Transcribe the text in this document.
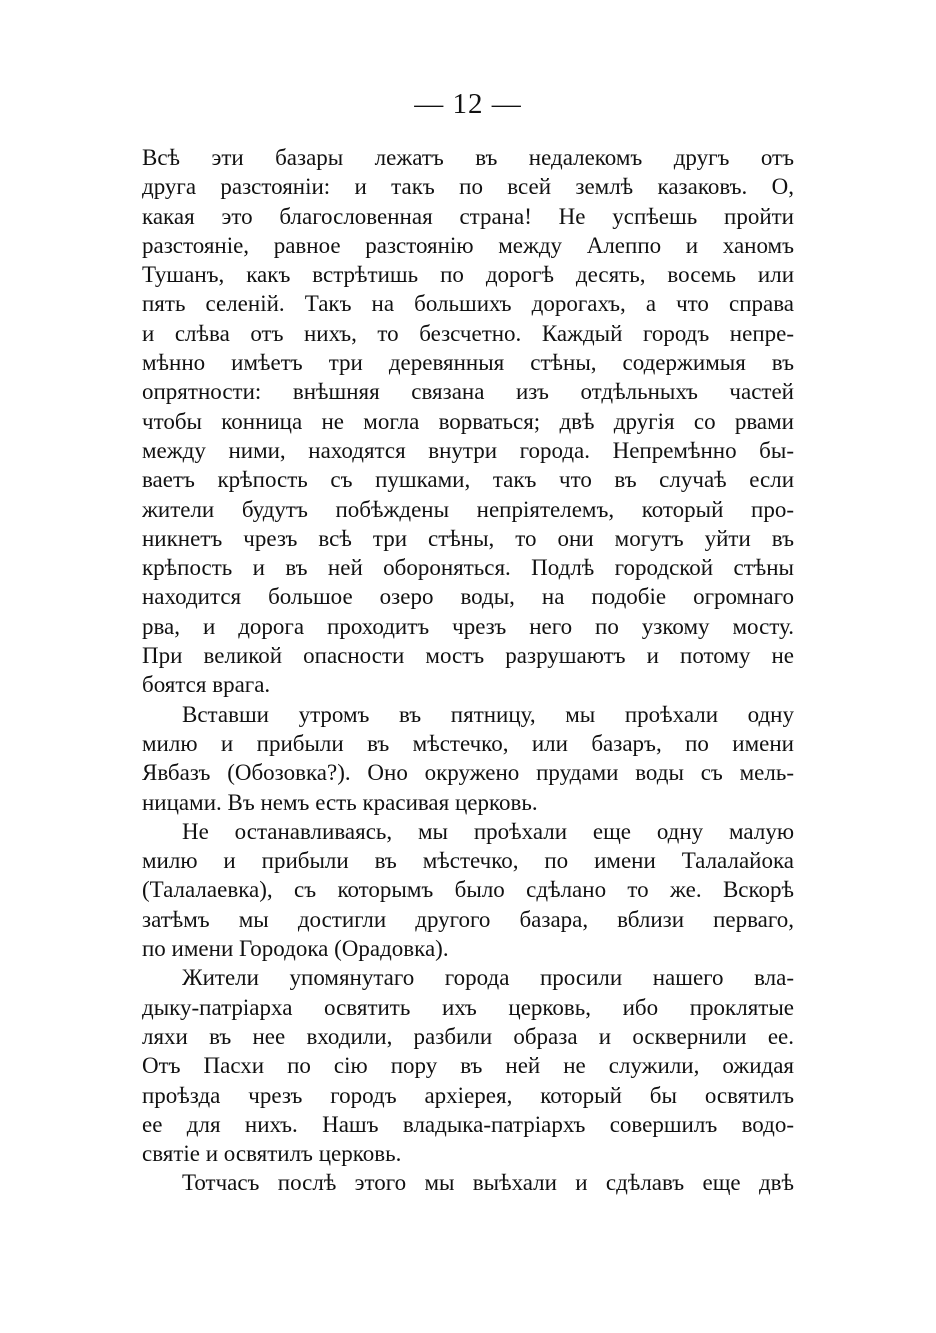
— 12 —
Всѣ эти базары лежатъ въ недалекомъ другъ отъ
друга разстояніи: и такъ по всей землѣ казаковъ. О,
какая это благословенная страна! Не успѣешь пройти
разстояніе, равное разстоянію между Алеппо и ханомъ
Тушанъ, какъ встрѣтишь по дорогѣ десять, восемь или
пять селеній. Такъ на большихъ дорогахъ, а что справа
и слѣва отъ нихъ, то безсчетно. Каждый городъ непре-
мѣнно имѣетъ три деревянныя стѣны, содержимыя въ
опрятности: внѣшняя связана изъ отдѣльныхъ частей
чтобы конница не могла ворваться; двѣ другія со рвами
между ними, находятся внутри города. Непремѣнно бы-
ваетъ крѣпость съ пушками, такъ что въ случаѣ если
жители будутъ побѣждены непріятелемъ, который про-
никнетъ чрезъ всѣ три стѣны, то они могутъ уйти въ
крѣпость и въ ней обороняться. Подлѣ городской стѣны
находится большое озеро воды, на подобіе огромнаго
рва, и дорога проходитъ чрезъ него по узкому мосту.
При великой опасности мостъ разрушаютъ и потому не
боятся врага.
Вставши утромъ въ пятницу, мы проѣхали одну
милю и прибыли въ мѣстечко, или базаръ, по имени
Явбазъ (Обозовка?). Оно окружено прудами воды съ мель-
ницами. Въ немъ есть красивая церковь.
Не останавливаясь, мы проѣхали еще одну малую
милю и прибыли въ мѣстечко, по имени Талалайока
(Талалаевка), съ которымъ было сдѣлано то же. Вскорѣ
затѣмъ мы достигли другого базара, вблизи перваго,
по имени Городока (Орадовка).
Жители упомянутаго города просили нашего вла-
дыку-патріарха освятить ихъ церковь, ибо проклятые
ляхи въ нее входили, разбили образа и осквернили ее.
Отъ Пасхи по сію пору въ ней не служили, ожидая
проѣзда чрезъ городъ архіерея, который бы освятилъ
ее для нихъ. Нашъ владыка-патріархъ совершилъ водо-
святіе и освятилъ церковь.
Тотчасъ послѣ этого мы выѣхали и сдѣлавъ еще двѣ
